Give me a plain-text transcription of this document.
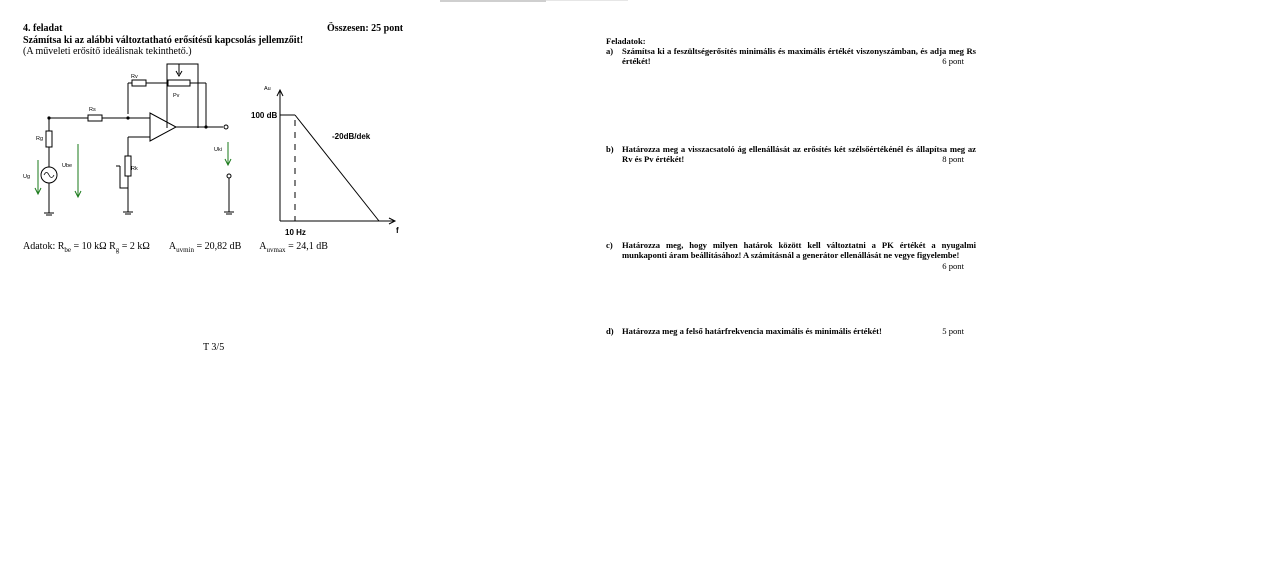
4. feladat	Összesen: 25 pont
Számítsa ki az alábbi változtatható erősítésű kapcsolás jellemzőit!
(A műveleti erősítő ideálisnak tekinthető.)
Rv
Pv
Rs
Rg
Ug
Ube	Rk
Uki
Au
100 dB
-20dB/dek
10 Hz	f
Adatok: $R_{be} = 10$ kΩ $R_g = 2$ kΩ $A_{uvmin} = 20,82$ dB $A_{uvmax} = 24,1$ dB
T 3/5
Feladatok:
a) Számítsa ki a feszültségerősítés minimális és maximális értékét viszonyszámban, és adja meg Rs értékét!	6 pont
b) Határozza meg a visszacsatoló ág ellenállását az erősítés két szélsőértékénél és állapítsa meg az Rv és Pv értékét!	8 pont
c) Határozza meg, hogy milyen határok között kell változtatni a PK értékét a nyugalmi munkaponti áram beállításához! A számításnál a generátor ellenállását ne vegye figyelembe!
6 pont
d) Határozza meg a felső határfrekvencia maximális és minimális értékét!	5 pont
